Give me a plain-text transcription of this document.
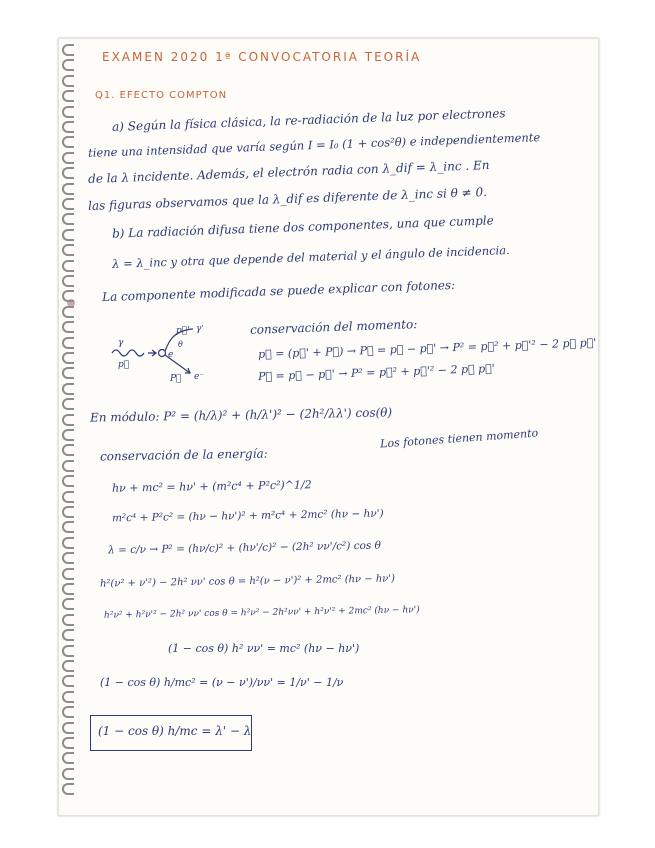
EXAMEN 2020 1ª CONVOCATORIA TEORÍA
Q1. EFECTO COMPTON
a) Según la física clásica, la re-radiación de la luz por electrones
tiene una intensidad que varía según I = I₀ (1 + cos²θ) e independientemente
de la λ incidente. Además, el electrón radia con λ_dif = λ_inc . En
las figuras observamos que la λ_dif es diferente de λ_inc si θ ≠ 0.
b) La radiación difusa tiene dos componentes, una que cumple
λ = λ_inc y otra que depende del material y el ángulo de incidencia.
La componente modificada se puede explicar con fotones:
γ
p⃗
e
p⃗' γ'
θ
P⃗ e⁻
conservación del momento:
p⃗ = (p⃗' + P⃗) → P⃗ = p⃗ − p⃗' → P² = p⃗² + p⃗'² − 2 p⃗ p⃗'
P⃗ = p⃗ − p⃗' → P² = p⃗² + p⃗'² − 2 p⃗ p⃗'
En módulo: P² = (h/λ)² + (h/λ')² − (2h²/λλ') cos(θ)
conservación de la energía:
Los fotones tienen momento
hν + mc² = hν' + (m²c⁴ + P²c²)^1/2
m²c⁴ + P²c² = (hν − hν')² + m²c⁴ + 2mc² (hν − hν')
λ = c/ν → P² = (hν/c)² + (hν'/c)² − (2h² νν'/c²) cos θ
h²(ν² + ν'²) − 2h² νν' cos θ = h²(ν − ν')² + 2mc² (hν − hν')
h²ν² + h²ν'² − 2h² νν' cos θ = h²ν² − 2h²νν' + h²ν'² + 2mc² (hν − hν')
(1 − cos θ) h² νν' = mc² (hν − hν')
(1 − cos θ) h/mc² = (ν − ν')/νν' = 1/ν' − 1/ν
(1 − cos θ) h/mc = λ' − λ
